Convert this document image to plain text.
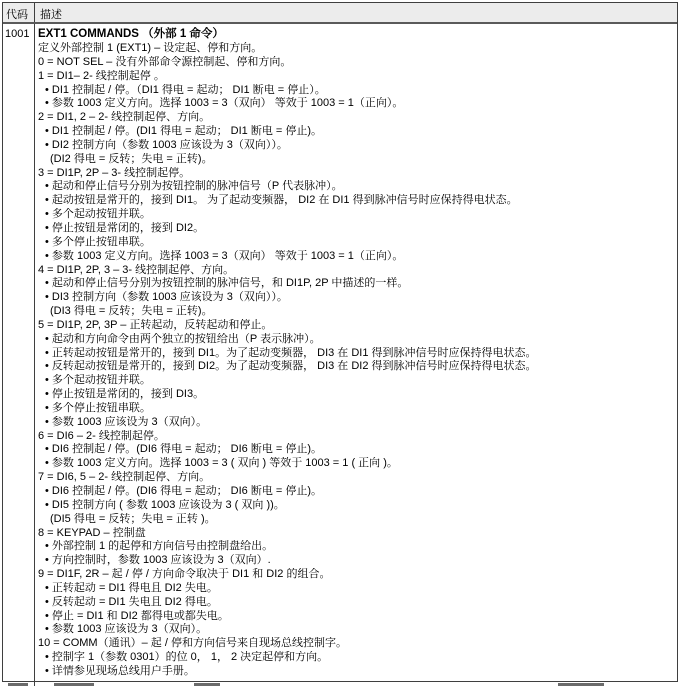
代码	描述
1001 EXT1 COMMANDS （外部 1 命令）
定义外部控制 1 (EXT1) – 设定起、停和方向。
0 = NOT SEL – 没有外部命令源控制起、停和方向。
1 = DI1– 2- 线控制起停 。
• DI1 控制起 / 停。（DI1 得电 = 起动； DI1 断电 = 停止）。
• 参数 1003 定义方向。选择 1003 = 3（双向） 等效于 1003 = 1（正向）。
2 = DI1, 2 – 2- 线控制起停、方向。
• DI1 控制起 / 停。(DI1 得电 = 起动； DI1 断电 = 停止)。
• DI2 控制方向（参数 1003 应该设为 3（双向））。
(DI2 得电 = 反转；失电 = 正转)。
3 = DI1P, 2P – 3- 线控制起停。
• 起动和停止信号分别为按钮控制的脉冲信号（P 代表脉冲）。
• 起动按钮是常开的，接到 DI1。 为了起动变频器， DI2 在 DI1 得到脉冲信号时应保持得电状态。
• 多个起动按钮并联。
• 停止按钮是常闭的，接到 DI2。
• 多个停止按钮串联。
• 参数 1003 定义方向。选择 1003 = 3（双向） 等效于 1003 = 1（正向）。
4 = DI1P, 2P, 3 – 3- 线控制起停、方向。
• 起动和停止信号分别为按钮控制的脉冲信号，和 DI1P, 2P 中描述的一样。
• DI3 控制方向（参数 1003 应该设为 3（双向））。
(DI3 得电 = 反转；失电 = 正转)。
5 = DI1P, 2P, 3P – 正转起动，反转起动和停止。
• 起动和方向命令由两个独立的按钮给出（P 表示脉冲）。
• 正转起动按钮是常开的，接到 DI1。为了起动变频器， DI3 在 DI1 得到脉冲信号时应保持得电状态。
• 反转起动按钮是常开的，接到 DI2。为了起动变频器， DI3 在 DI2 得到脉冲信号时应保持得电状态。
• 多个起动按钮并联。
• 停止按钮是常闭的，接到 DI3。
• 多个停止按钮串联。
• 参数 1003 应该设为 3（双向）。
6 = DI6 – 2- 线控制起停。
• DI6 控制起 / 停。(DI6 得电 = 起动； DI6 断电 = 停止)。
• 参数 1003 定义方向。选择 1003 = 3 ( 双向 ) 等效于 1003 = 1 ( 正向 )。
7 = DI6, 5 – 2- 线控制起停、方向。
• DI6 控制起 / 停。(DI6 得电 = 起动； DI6 断电 = 停止)。
• DI5 控制方向 ( 参数 1003 应该设为 3 ( 双向 ))。
(DI5 得电 = 反转；失电 = 正转 )。
8 = KEYPAD – 控制盘
• 外部控制 1 的起停和方向信号由控制盘给出。
• 方向控制时，参数 1003 应该设为 3（双向）.
9 = DI1F, 2R – 起 / 停 / 方向命令取决于 DI1 和 DI2 的组合。
• 正转起动 = DI1 得电且 DI2 失电。
• 反转起动 = DI1 失电且 DI2 得电。
• 停止 = DI1 和 DI2 都得电或都失电。
• 参数 1003 应该设为 3（双向）。
10 = COMM（通讯）– 起 / 停和方向信号来自现场总线控制字。
• 控制字 1（参数 0301）的位 0， 1， 2 决定起停和方向。
• 详情参见现场总线用户手册。
